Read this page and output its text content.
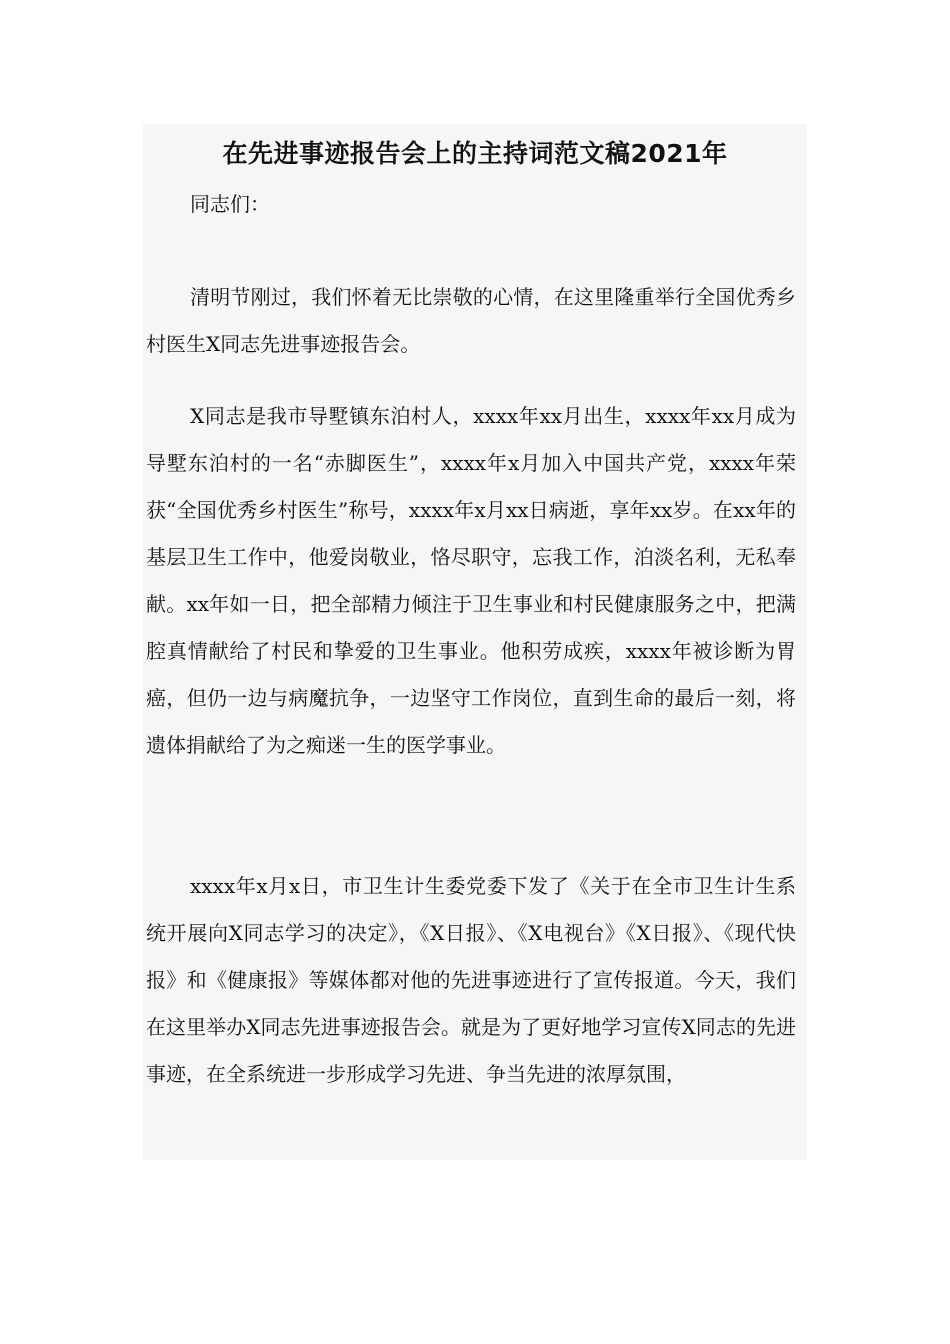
在先进事迹报告会上的主持词范文稿2021年

同志们：

清明节刚过，我们怀着无比崇敬的心情，在这里隆重举行全国优秀乡村医生X同志先进事迹报告会。

X同志是我市导墅镇东泊村人，xxxx年xx月出生，xxxx年xx月成为导墅东泊村的一名“赤脚医生”，xxxx年x月加入中国共产党，xxxx年荣获“全国优秀乡村医生”称号，xxxx年x月xx日病逝，享年xx岁。在xx年的基层卫生工作中，他爱岗敬业，恪尽职守，忘我工作，泊淡名利，无私奉献。xx年如一日，把全部精力倾注于卫生事业和村民健康服务之中，把满腔真情献给了村民和挚爱的卫生事业。他积劳成疾，xxxx年被诊断为胃癌，但仍一边与病魔抗争，一边坚守工作岗位，直到生命的最后一刻，将遗体捐献给了为之痴迷一生的医学事业。

xxxx年x月x日，市卫生计生委党委下发了《关于在全市卫生计生系统开展向X同志学习的决定》，《X日报》、《X电视台》《X日报》、《现代快报》和《健康报》等媒体都对他的先进事迹进行了宣传报道。今天，我们在这里举办X同志先进事迹报告会。就是为了更好地学习宣传X同志的先进事迹，在全系统进一步形成学习先进、争当先进的浓厚氛围，
